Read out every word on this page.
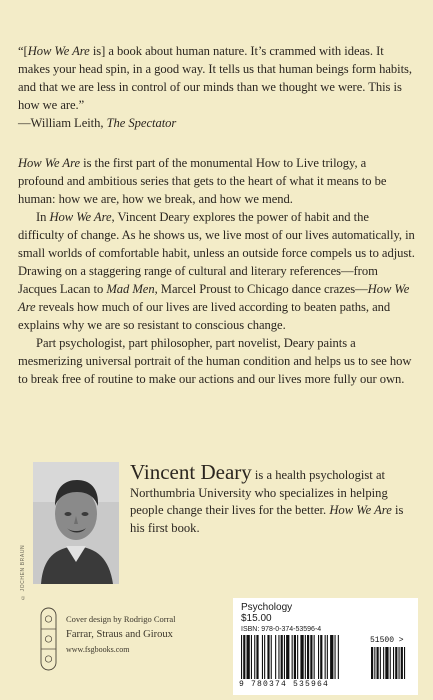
“[How We Are is] a book about human nature. It’s crammed with ideas. It makes your head spin, in a good way. It tells us that human beings form habits, and that we are less in control of our minds than we thought we were. This is how we are.”
—William Leith, The Spectator

How We Are is the first part of the monumental How to Live trilogy, a profound and ambitious series that gets to the heart of what it means to be human: how we are, how we break, and how we mend.

In How We Are, Vincent Deary explores the power of habit and the difficulty of change. As he shows us, we live most of our lives automatically, in small worlds of comfortable habit, unless an outside force compels us to adjust. Drawing on a staggering range of cultural and literary references—from Jacques Lacan to Mad Men, Marcel Proust to Chicago dance crazes—How We Are reveals how much of our lives are lived according to beaten paths, and explains why we are so resistant to conscious change.

Part psychologist, part philosopher, part novelist, Deary paints a mesmerizing universal portrait of the human condition and helps us to see how to break free of routine to make our actions and our lives more fully our own.

© JOCHEN BRAUN
Vincent Deary is a health psychologist at Northumbria University who specializes in helping people change their lives for the better. How We Are is his first book.
Cover design by Rodrigo Corral
Farrar, Straus and Giroux
www.fsgbooks.com
Psychology
$15.00
ISBN: 978-0-374-53596-4
51500 >
9 780374 535964
